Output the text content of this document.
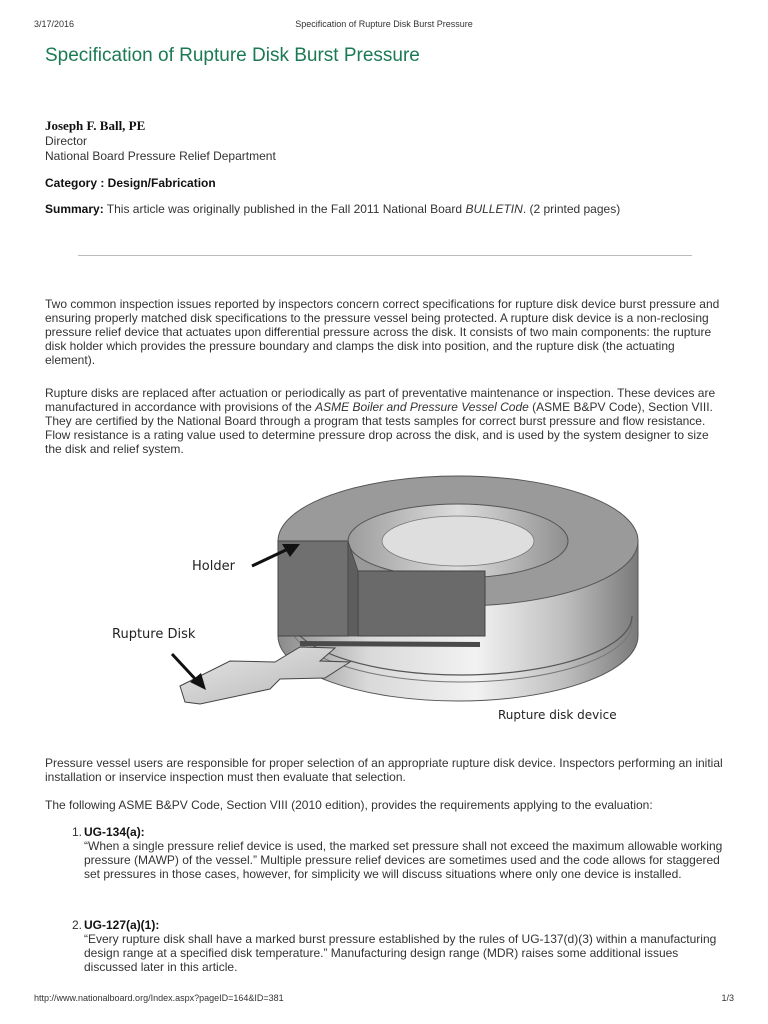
3/17/2016	Specification of Rupture Disk Burst Pressure
Specification of Rupture Disk Burst Pressure
Joseph F. Ball, PE
Director
National Board Pressure Relief Department
Category : Design/Fabrication
Summary: This article was originally published in the Fall 2011 National Board BULLETIN. (2 printed pages)

Two common inspection issues reported by inspectors concern correct specifications for rupture disk device burst pressure and ensuring properly matched disk specifications to the pressure vessel being protected. A rupture disk device is a non-reclosing pressure relief device that actuates upon differential pressure across the disk. It consists of two main components: the rupture disk holder which provides the pressure boundary and clamps the disk into position, and the rupture disk (the actuating element).

Rupture disks are replaced after actuation or periodically as part of preventative maintenance or inspection. These devices are manufactured in accordance with provisions of the ASME Boiler and Pressure Vessel Code (ASME B&PV Code), Section VIII. They are certified by the National Board through a program that tests samples for correct burst pressure and flow resistance. Flow resistance is a rating value used to determine pressure drop across the disk, and is used by the system designer to size the disk and relief system.

Holder
Rupture Disk
Rupture disk device

Pressure vessel users are responsible for proper selection of an appropriate rupture disk device. Inspectors performing an initial installation or inservice inspection must then evaluate that selection.

The following ASME B&PV Code, Section VIII (2010 edition), provides the requirements applying to the evaluation:

1. UG-134(a):

“When a single pressure relief device is used, the marked set pressure shall not exceed the maximum allowable working pressure (MAWP) of the vessel.” Multiple pressure relief devices are sometimes used and the code allows for staggered set pressures in those cases, however, for simplicity we will discuss situations where only one device is installed.

2. UG-127(a)(1):

“Every rupture disk shall have a marked burst pressure established by the rules of UG-137(d)(3) within a manufacturing design range at a specified disk temperature.” Manufacturing design range (MDR) raises some additional issues discussed later in this article.

http://www.nationalboard.org/Index.aspx?pageID=164&ID=381	1/3
